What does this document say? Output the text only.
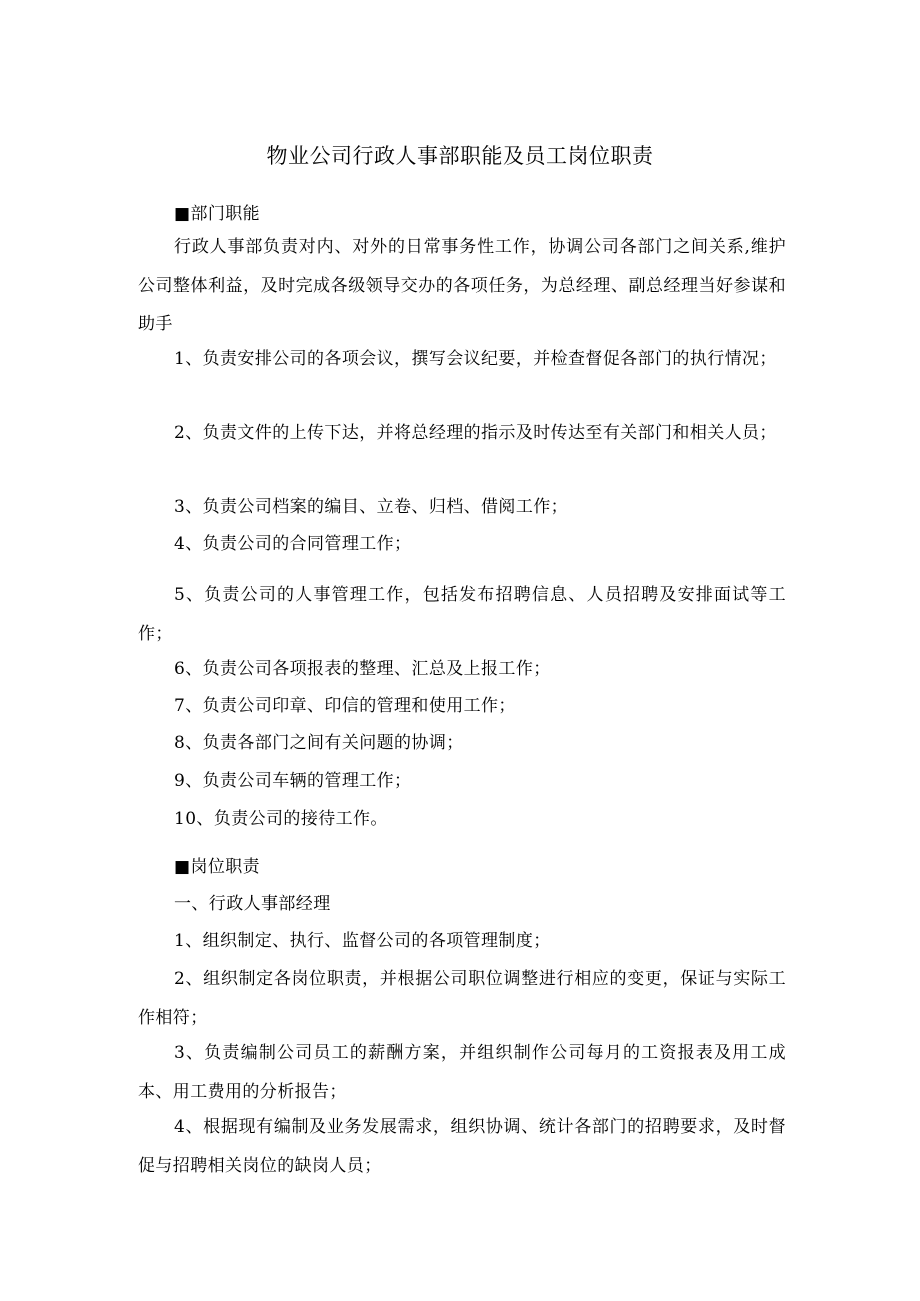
物业公司行政人事部职能及员工岗位职责
■部门职能
行政人事部负责对内、对外的日常事务性工作，协调公司各部门之间关系,维护公司整体利益，及时完成各级领导交办的各项任务，为总经理、副总经理当好参谋和助手
1、负责安排公司的各项会议，撰写会议纪要，并检查督促各部门的执行情况；
2、负责文件的上传下达，并将总经理的指示及时传达至有关部门和相关人员；
3、负责公司档案的编目、立卷、归档、借阅工作；
4、负责公司的合同管理工作；
5、负责公司的人事管理工作，包括发布招聘信息、人员招聘及安排面试等工作；
6、负责公司各项报表的整理、汇总及上报工作；
7、负责公司印章、印信的管理和使用工作；
8、负责各部门之间有关问题的协调；
9、负责公司车辆的管理工作；
10、负责公司的接待工作。
■岗位职责
一、行政人事部经理
1、组织制定、执行、监督公司的各项管理制度；
2、组织制定各岗位职责，并根据公司职位调整进行相应的变更，保证与实际工作相符；
3、负责编制公司员工的薪酬方案，并组织制作公司每月的工资报表及用工成本、用工费用的分析报告；
4、根据现有编制及业务发展需求，组织协调、统计各部门的招聘要求，及时督促与招聘相关岗位的缺岗人员；
